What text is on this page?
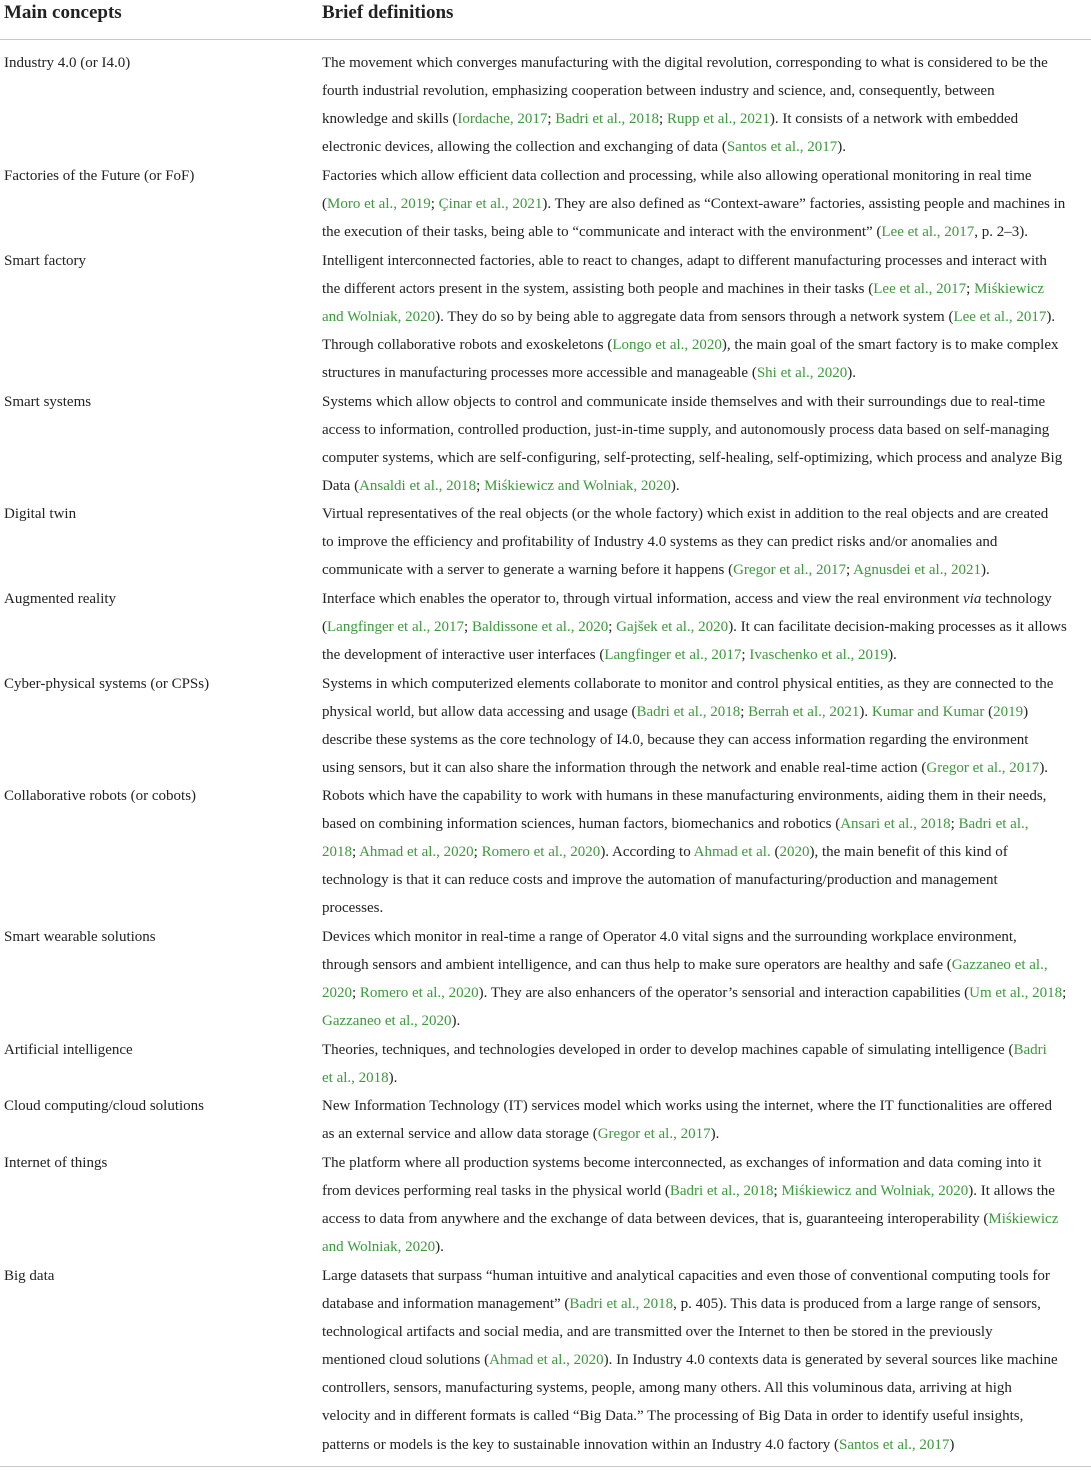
Main concepts	Brief definitions
Industry 4.0 (or I4.0)	The movement which converges manufacturing with the digital revolution, corresponding to what is considered to be the
fourth industrial revolution, emphasizing cooperation between industry and science, and, consequently, between
knowledge and skills (Iordache, 2017; Badri et al., 2018; Rupp et al., 2021). It consists of a network with embedded
electronic devices, allowing the collection and exchanging of data (Santos et al., 2017).
Factories of the Future (or FoF)	Factories which allow efficient data collection and processing, while also allowing operational monitoring in real time
(Moro et al., 2019; Çinar et al., 2021). They are also defined as “Context-aware” factories, assisting people and machines in
the execution of their tasks, being able to “communicate and interact with the environment” (Lee et al., 2017, p. 2–3).
Smart factory	Intelligent interconnected factories, able to react to changes, adapt to different manufacturing processes and interact with
the different actors present in the system, assisting both people and machines in their tasks (Lee et al., 2017; Miśkiewicz
and Wolniak, 2020). They do so by being able to aggregate data from sensors through a network system (Lee et al., 2017).
Through collaborative robots and exoskeletons (Longo et al., 2020), the main goal of the smart factory is to make complex
structures in manufacturing processes more accessible and manageable (Shi et al., 2020).
Smart systems	Systems which allow objects to control and communicate inside themselves and with their surroundings due to real-time
access to information, controlled production, just-in-time supply, and autonomously process data based on self-managing
computer systems, which are self-configuring, self-protecting, self-healing, self-optimizing, which process and analyze Big
Data (Ansaldi et al., 2018; Miśkiewicz and Wolniak, 2020).
Digital twin	Virtual representatives of the real objects (or the whole factory) which exist in addition to the real objects and are created
to improve the efficiency and profitability of Industry 4.0 systems as they can predict risks and/or anomalies and
communicate with a server to generate a warning before it happens (Gregor et al., 2017; Agnusdei et al., 2021).
Augmented reality	Interface which enables the operator to, through virtual information, access and view the real environment via technology
(Langfinger et al., 2017; Baldissone et al., 2020; Gajšek et al., 2020). It can facilitate decision-making processes as it allows
the development of interactive user interfaces (Langfinger et al., 2017; Ivaschenko et al., 2019).
Cyber-physical systems (or CPSs)	Systems in which computerized elements collaborate to monitor and control physical entities, as they are connected to the
physical world, but allow data accessing and usage (Badri et al., 2018; Berrah et al., 2021). Kumar and Kumar (2019)
describe these systems as the core technology of I4.0, because they can access information regarding the environment
using sensors, but it can also share the information through the network and enable real-time action (Gregor et al., 2017).
Collaborative robots (or cobots)	Robots which have the capability to work with humans in these manufacturing environments, aiding them in their needs,
based on combining information sciences, human factors, biomechanics and robotics (Ansari et al., 2018; Badri et al.,
2018; Ahmad et al., 2020; Romero et al., 2020). According to Ahmad et al. (2020), the main benefit of this kind of
technology is that it can reduce costs and improve the automation of manufacturing/production and management
processes.
Smart wearable solutions	Devices which monitor in real-time a range of Operator 4.0 vital signs and the surrounding workplace environment,
through sensors and ambient intelligence, and can thus help to make sure operators are healthy and safe (Gazzaneo et al.,
2020; Romero et al., 2020). They are also enhancers of the operator’s sensorial and interaction capabilities (Um et al., 2018;
Gazzaneo et al., 2020).
Artificial intelligence	Theories, techniques, and technologies developed in order to develop machines capable of simulating intelligence (Badri
et al., 2018).
Cloud computing/cloud solutions	New Information Technology (IT) services model which works using the internet, where the IT functionalities are offered
as an external service and allow data storage (Gregor et al., 2017).
Internet of things	The platform where all production systems become interconnected, as exchanges of information and data coming into it
from devices performing real tasks in the physical world (Badri et al., 2018; Miśkiewicz and Wolniak, 2020). It allows the
access to data from anywhere and the exchange of data between devices, that is, guaranteeing interoperability (Miśkiewicz
and Wolniak, 2020).
Big data	Large datasets that surpass “human intuitive and analytical capacities and even those of conventional computing tools for
database and information management” (Badri et al., 2018, p. 405). This data is produced from a large range of sensors,
technological artifacts and social media, and are transmitted over the Internet to then be stored in the previously
mentioned cloud solutions (Ahmad et al., 2020). In Industry 4.0 contexts data is generated by several sources like machine
controllers, sensors, manufacturing systems, people, among many others. All this voluminous data, arriving at high
velocity and in different formats is called “Big Data.” The processing of Big Data in order to identify useful insights,
patterns or models is the key to sustainable innovation within an Industry 4.0 factory (Santos et al., 2017)
